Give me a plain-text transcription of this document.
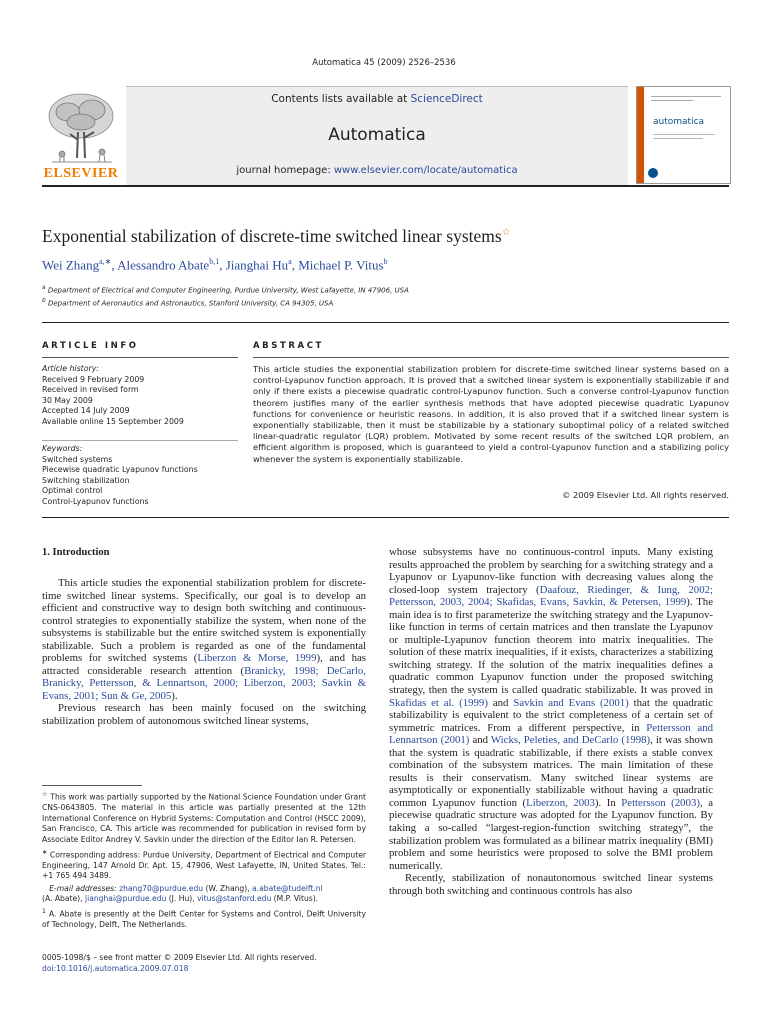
Automatica 45 (2009) 2526–2536
ELSEVIER
Contents lists available at ScienceDirect
Automatica
journal homepage: www.elsevier.com/locate/automatica
automatica
Exponential stabilization of discrete-time switched linear systems☆
Wei Zhang$^{a,∗}$, Alessandro Abate$^{b,1}$, Jianghai Hu$^a$, Michael P. Vitus$^b$
$^a$ Department of Electrical and Computer Engineering, Purdue University, West Lafayette, IN 47906, USA
$^b$ Department of Aeronautics and Astronautics, Stanford University, CA 94305, USA
ARTICLE INFO	ABSTRACT
Article history:
Received 9 February 2009
Received in revised form
30 May 2009
Accepted 14 July 2009
Available online 15 September 2009
Keywords:
Switched systems
Piecewise quadratic Lyapunov functions
Switching stabilization
Optimal control
Control-Lyapunov functions
This article studies the exponential stabilization problem for discrete-time switched linear systems based on a control-Lyapunov function approach. It is proved that a switched linear system is exponentially stabilizable if and only if there exists a piecewise quadratic control-Lyapunov function. Such a converse control-Lyapunov function theorem justifies many of the earlier synthesis methods that have adopted piecewise quadratic Lyapunov functions for convenience or heuristic reasons. In addition, it is also proved that if a switched linear system is exponentially stabilizable, then it must be stabilizable by a stationary suboptimal policy of a related switched linear-quadratic regulator (LQR) problem. Motivated by some recent results of the switched LQR problem, an efficient algorithm is proposed, which is guaranteed to yield a control-Lyapunov function and a stabilizing policy whenever the system is exponentially stabilizable.
© 2009 Elsevier Ltd. All rights reserved.
1. Introduction

This article studies the exponential stabilization problem for discrete-time switched linear systems. Specifically, our goal is to develop an efficient and constructive way to design both switching and continuous-control strategies to exponentially stabilize the system, when none of the subsystems is stabilizable but the entire switched system is exponentially stabilizable. Such a problem is regarded as one of the fundamental problems for switched systems (Liberzon & Morse, 1999), and has attracted considerable research attention (Branicky, 1998; DeCarlo, Branicky, Pettersson, & Lennartson, 2000; Liberzon, 2003; Savkin & Evans, 2001; Sun & Ge, 2005).

Previous research has been mainly focused on the switching stabilization problem of autonomous switched linear systems,

whose subsystems have no continuous-control inputs. Many existing results approached the problem by searching for a switching strategy and a Lyapunov or Lyapunov-like function with decreasing values along the closed-loop system trajectory (Daafouz, Riedinger, & Iung, 2002; Pettersson, 2003, 2004; Skafidas, Evans, Savkin, & Petersen, 1999). The main idea is to first parameterize the switching strategy and the Lyapunov-like function in terms of certain matrices and then translate the Lyapunov or multiple-Lyapunov function theorem into matrix inequalities. The solution of these matrix inequalities, if it exists, characterizes a stabilizing switching strategy. If the solution of the matrix inequalities defines a quadratic common Lyapunov function under the proposed switching strategy, then the system is called quadratic stabilizable. It was proved in Skafidas et al. (1999) and Savkin and Evans (2001) that the quadratic stabilizability is equivalent to the strict completeness of a certain set of symmetric matrices. From a different perspective, in Pettersson and Lennartson (2001) and Wicks, Peleties, and DeCarlo (1998), it was shown that the system is quadratic stabilizable, if there exists a stable convex combination of the subsystem matrices. The main limitation of these results is their conservatism. Many switched linear systems are asymptotically or exponentially stabilizable without having a quadratic common Lyapunov function (Liberzon, 2003). In Pettersson (2003), a piecewise quadratic structure was adopted for the Lyapunov function. By taking a so-called “largest-region-function switching strategy”, the stabilization problem was formulated as a bilinear matrix inequality (BMI) problem and some heuristics were proposed to solve the BMI problem numerically.

Recently, stabilization of nonautonomous switched linear systems through both switching and continuous controls has also

☆ This work was partially supported by the National Science Foundation under Grant CNS-0643805. The material in this article was partially presented at the 12th International Conference on Hybrid Systems: Computation and Control (HSCC 2009), San Francisco, CA. This article was recommended for publication in revised form by Associate Editor Andrey V. Savkin under the direction of the Editor Ian R. Petersen.

∗ Corresponding address: Purdue University, Department of Electrical and Computer Engineering, 147 Arnold Dr. Apt. 15, 47906, West Lafayette, IN, United States. Tel.: +1 765 494 3489.

E-mail addresses: zhang70@purdue.edu (W. Zhang), a.abate@tudelft.nl
(A. Abate), jianghai@purdue.edu (J. Hu), vitus@stanford.edu (M.P. Vitus).

$^1$ A. Abate is presently at the Delft Center for Systems and Control, Delft University of Technology, Delft, The Netherlands.

0005-1098/$ – see front matter © 2009 Elsevier Ltd. All rights reserved.
doi:10.1016/j.automatica.2009.07.018
